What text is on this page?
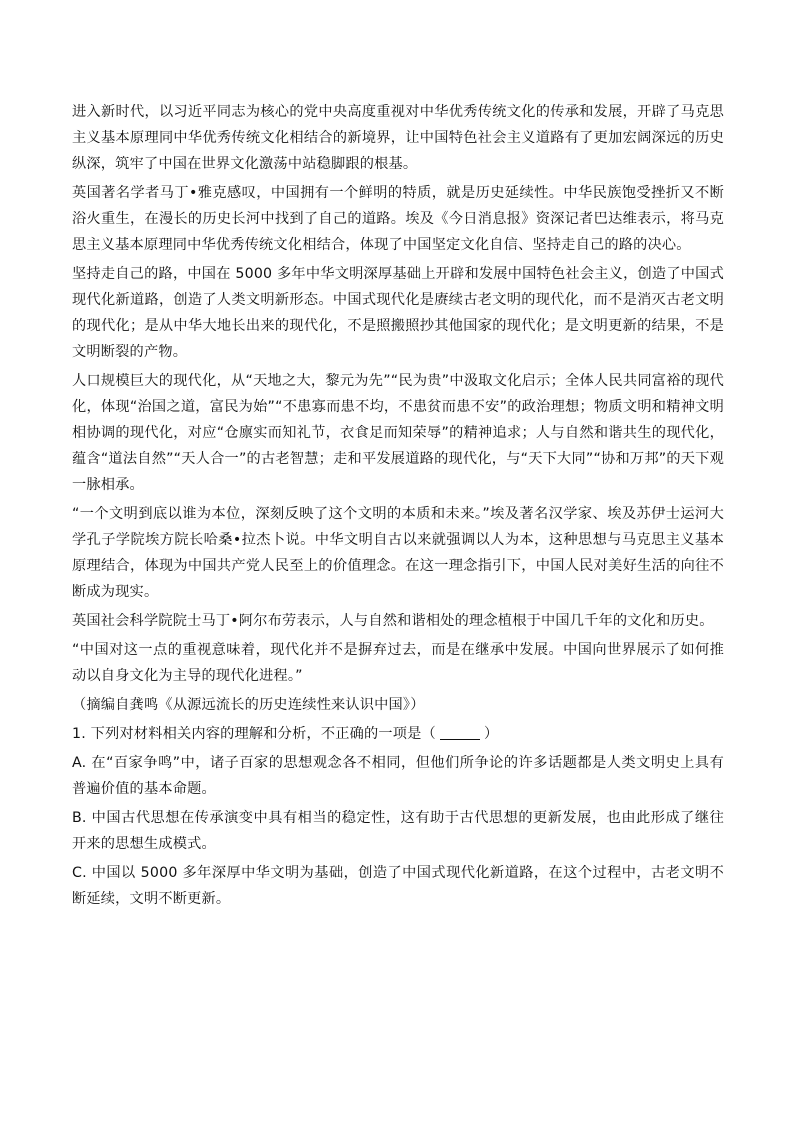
进入新时代，以习近平同志为核心的党中央高度重视对中华优秀传统文化的传承和发展，开辟了马克思主义基本原理同中华优秀传统文化相结合的新境界，让中国特色社会主义道路有了更加宏阔深远的历史纵深，筑牢了中国在世界文化激荡中站稳脚跟的根基。

英国著名学者马丁•雅克感叹，中国拥有一个鲜明的特质，就是历史延续性。中华民族饱受挫折又不断浴火重生，在漫长的历史长河中找到了自己的道路。埃及《今日消息报》资深记者巴达维表示，将马克思主义基本原理同中华优秀传统文化相结合，体现了中国坚定文化自信、坚持走自己的路的决心。

坚持走自己的路，中国在 5000 多年中华文明深厚基础上开辟和发展中国特色社会主义，创造了中国式现代化新道路，创造了人类文明新形态。中国式现代化是赓续古老文明的现代化，而不是消灭古老文明的现代化；是从中华大地长出来的现代化，不是照搬照抄其他国家的现代化；是文明更新的结果，不是文明断裂的产物。

人口规模巨大的现代化，从“天地之大，黎元为先”“民为贵”中汲取文化启示；全体人民共同富裕的现代化，体现“治国之道，富民为始”“不患寡而患不均，不患贫而患不安”的政治理想；物质文明和精神文明相协调的现代化，对应“仓廪实而知礼节，衣食足而知荣辱”的精神追求；人与自然和谐共生的现代化，蕴含“道法自然”“天人合一”的古老智慧；走和平发展道路的现代化，与“天下大同”“协和万邦”的天下观一脉相承。

“一个文明到底以谁为本位，深刻反映了这个文明的本质和未来。”埃及著名汉学家、埃及苏伊士运河大学孔子学院埃方院长哈桑•拉杰卜说。中华文明自古以来就强调以人为本，这种思想与马克思主义基本原理结合，体现为中国共产党人民至上的价值理念。在这一理念指引下，中国人民对美好生活的向往不断成为现实。

英国社会科学院院士马丁•阿尔布劳表示，人与自然和谐相处的理念植根于中国几千年的文化和历史。

“中国对这一点的重视意味着，现代化并不是摒弃过去，而是在继承中发展。中国向世界展示了如何推动以自身文化为主导的现代化进程。”

（摘编自龚鸣《从源远流长的历史连续性来认识中国》）

1. 下列对材料相关内容的理解和分析，不正确的一项是（	）

A. 在“百家争鸣”中，诸子百家的思想观念各不相同，但他们所争论的许多话题都是人类文明史上具有普遍价值的基本命题。

B. 中国古代思想在传承演变中具有相当的稳定性，这有助于古代思想的更新发展，也由此形成了继往开来的思想生成模式。

C. 中国以 5000 多年深厚中华文明为基础，创造了中国式现代化新道路，在这个过程中，古老文明不断延续，文明不断更新。
